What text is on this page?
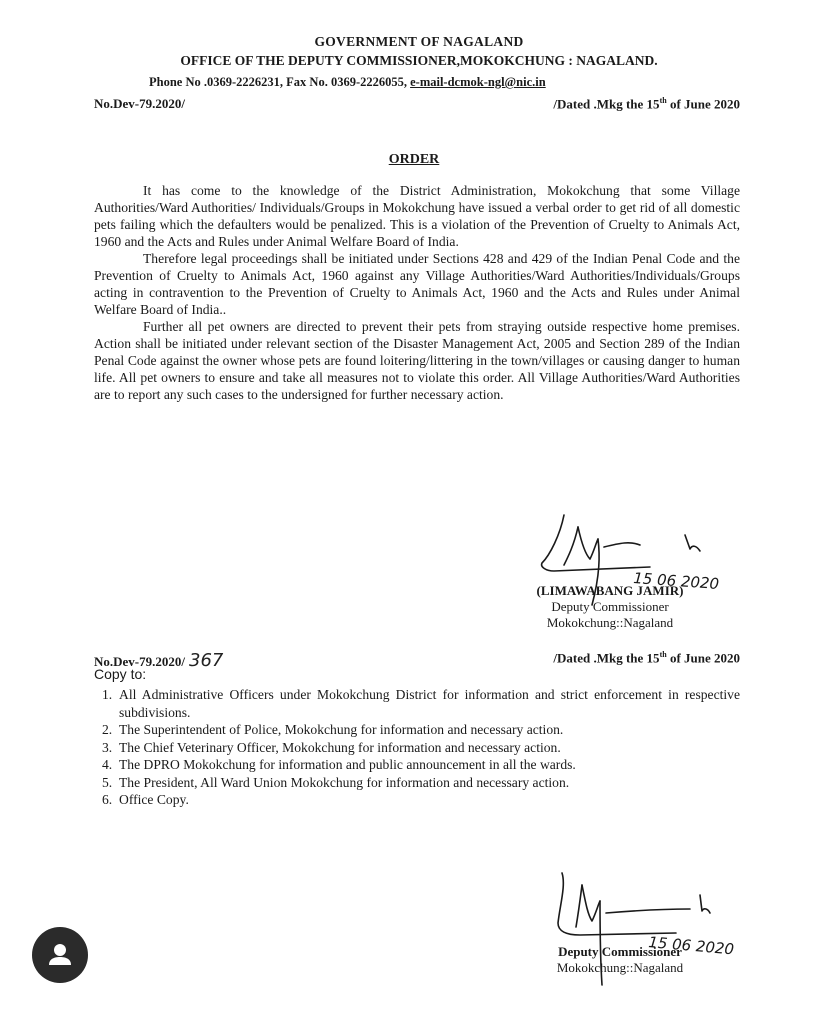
GOVERNMENT OF NAGALAND
OFFICE OF THE DEPUTY COMMISSIONER,MOKOKCHUNG : NAGALAND.
Phone No .0369-2226231, Fax No. 0369-2226055, e-mail-dcmok-ngl@nic.in
No.Dev-79.2020/	/Dated .Mkg the 15th of June 2020
ORDER

It has come to the knowledge of the District Administration, Mokokchung that some Village Authorities/Ward Authorities/ Individuals/Groups in Mokokchung have issued a verbal order to get rid of all domestic pets failing which the defaulters would be penalized. This is a violation of the Prevention of Cruelty to Animals Act, 1960 and the Acts and Rules under Animal Welfare Board of India.

Therefore legal proceedings shall be initiated under Sections 428 and 429 of the Indian Penal Code and the Prevention of Cruelty to Animals Act, 1960 against any Village Authorities/Ward Authorities/Individuals/Groups acting in contravention to the Prevention of Cruelty to Animals Act, 1960 and the Acts and Rules under Animal Welfare Board of India..

Further all pet owners are directed to prevent their pets from straying outside respective home premises. Action shall be initiated under relevant section of the Disaster Management Act, 2005 and Section 289 of the Indian Penal Code against the owner whose pets are found loitering/littering in the town/villages or causing danger to human life. All pet owners to ensure and take all measures not to violate this order. All Village Authorities/Ward Authorities are to report any such cases to the undersigned for further necessary action.

15 06 2020
(LIMAWABANG JAMIR)
Deputy Commissioner
Mokokchung::Nagaland
No.Dev-79.2020/ 367	/Dated .Mkg the 15th of June 2020
Copy to:
1. All Administrative Officers under Mokokchung District for information and strict enforcement in respective subdivisions.
2. The Superintendent of Police, Mokokchung for information and necessary action.
3. The Chief Veterinary Officer, Mokokchung for information and necessary action.
4. The DPRO Mokokchung for information and public announcement in all the wards.
5. The President, All Ward Union Mokokchung for information and necessary action.
6. Office Copy.
15 06 2020
Deputy Commissioner
Mokokchung::Nagaland
